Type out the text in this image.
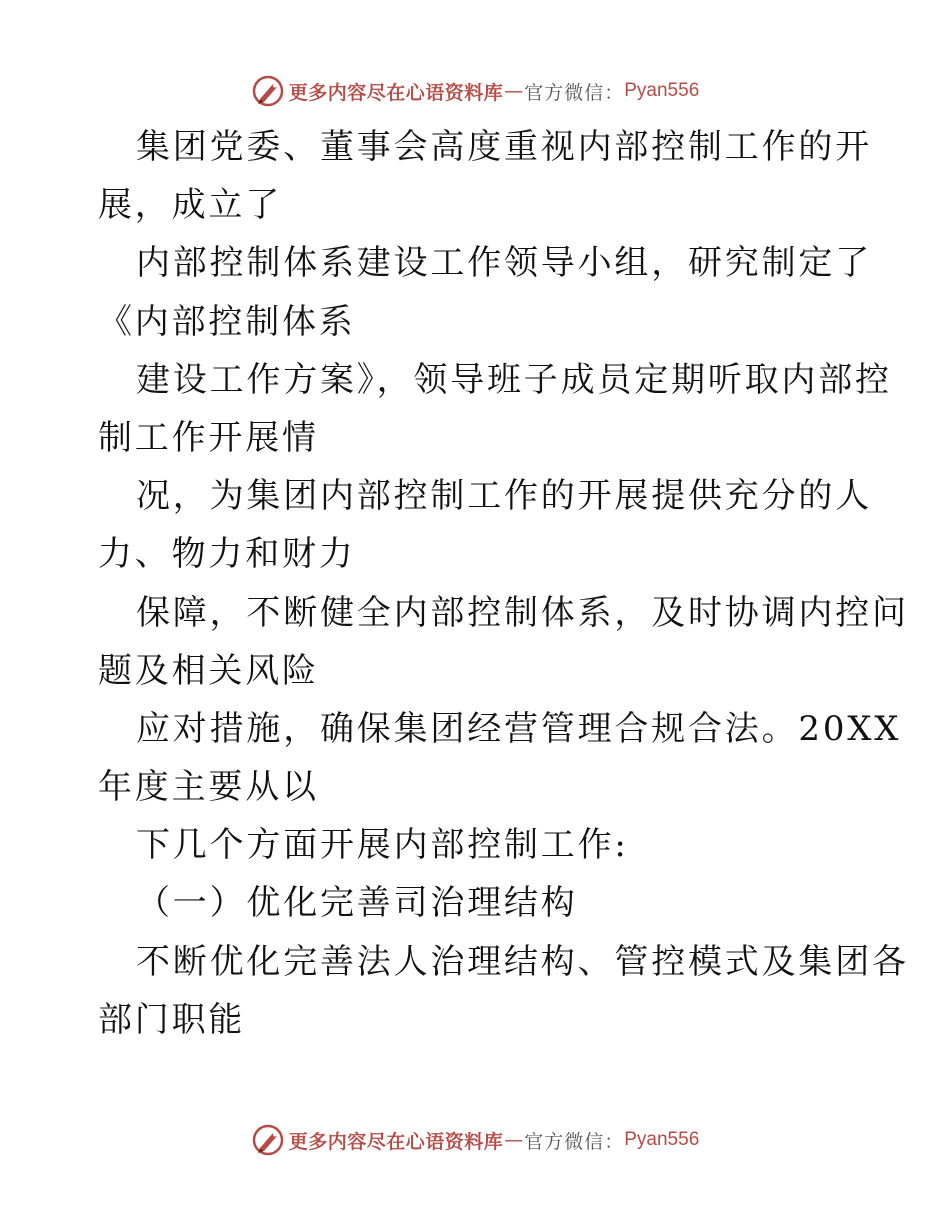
更多内容尽在心语资料库 — 官方微信： Pyan556
集团党委、董事会高度重视内部控制工作的开
展，成立了
内部控制体系建设工作领导小组，研究制定了
《内部控制体系
建设工作方案》，领导班子成员定期听取内部控
制工作开展情
况，为集团内部控制工作的开展提供充分的人
力、物力和财力
保障，不断健全内部控制体系，及时协调内控问
题及相关风险
应对措施，确保集团经营管理合规合法。20XX
年度主要从以
下几个方面开展内部控制工作:
（一）优化完善司治理结构
不断优化完善法人治理结构、管控模式及集团各
部门职能
更多内容尽在心语资料库 — 官方微信： Pyan556
